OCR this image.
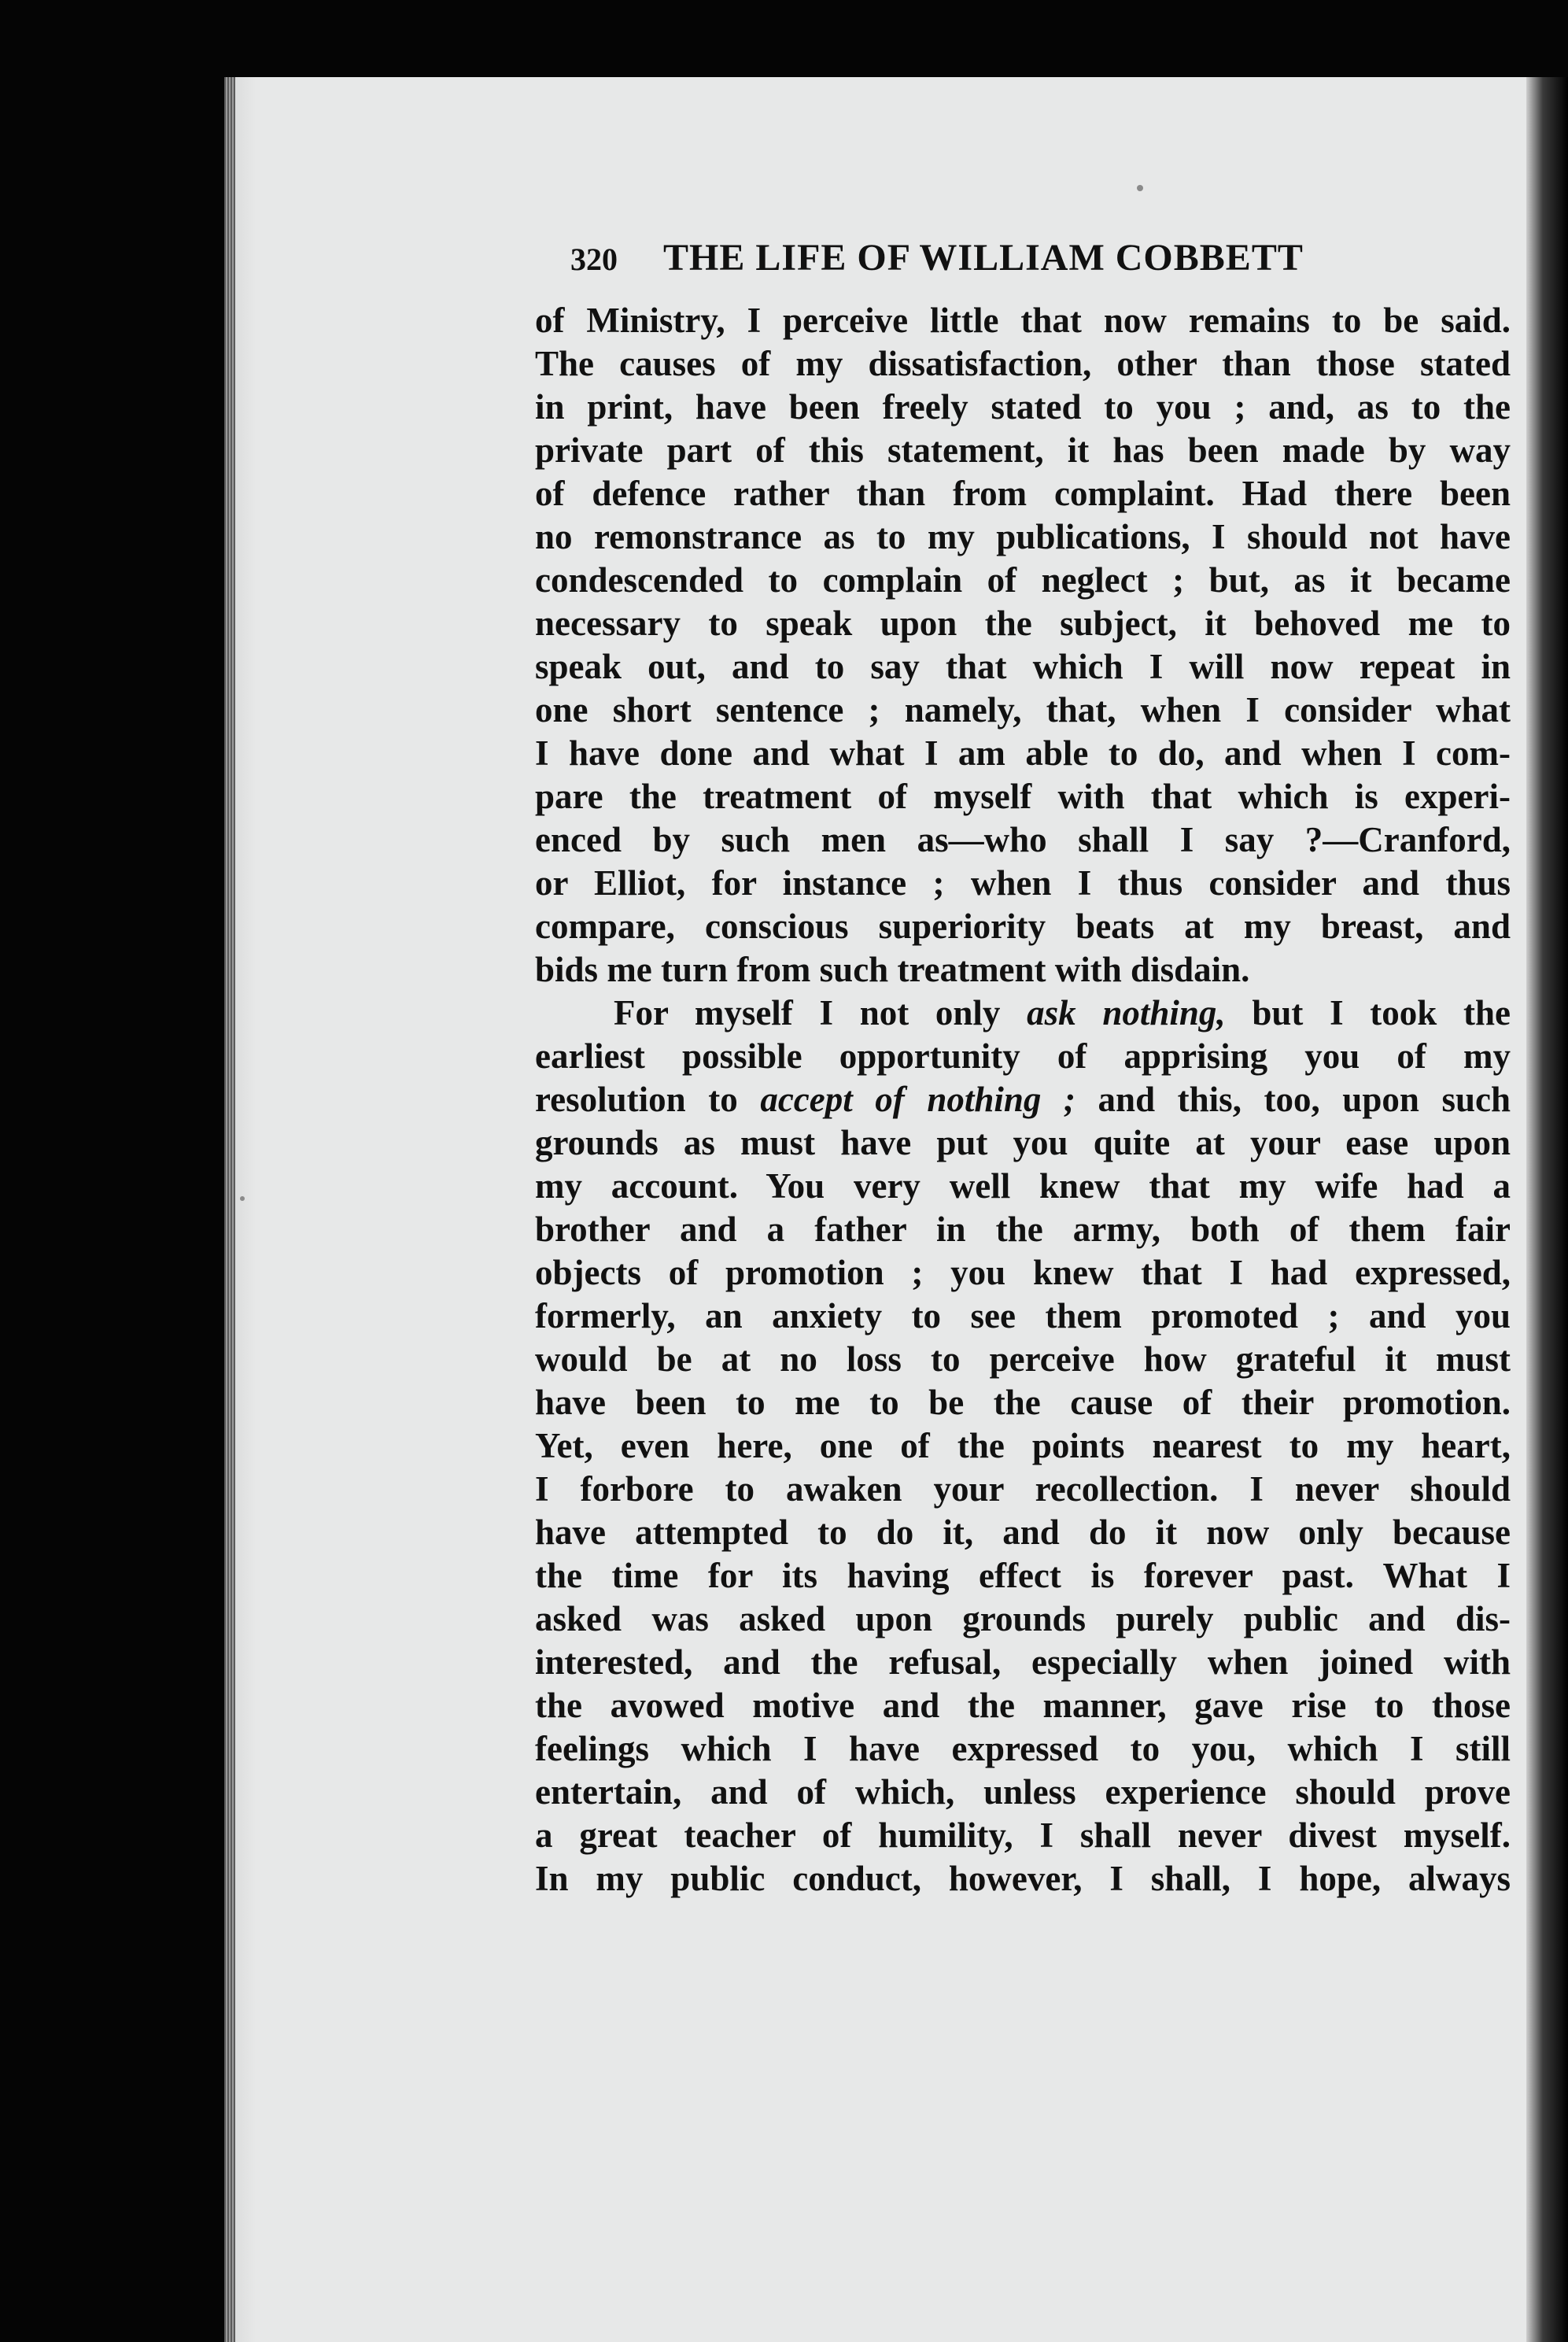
320 THE LIFE OF WILLIAM COBBETT
of Ministry, I perceive little that now remains to be said.
The causes of my dissatisfaction, other than those stated
in print, have been freely stated to you ; and, as to the
private part of this statement, it has been made by way
of defence rather than from complaint. Had there been
no remonstrance as to my publications, I should not have
condescended to complain of neglect ; but, as it became
necessary to speak upon the subject, it behoved me to
speak out, and to say that which I will now repeat in
one short sentence ; namely, that, when I consider what
I have done and what I am able to do, and when I com-
pare the treatment of myself with that which is experi-
enced by such men as—who shall I say ?—Cranford,
or Elliot, for instance ; when I thus consider and thus
compare, conscious superiority beats at my breast, and
bids me turn from such treatment with disdain.
For myself I not only ask nothing, but I took the
earliest possible opportunity of apprising you of my
resolution to accept of nothing ; and this, too, upon such
grounds as must have put you quite at your ease upon
my account. You very well knew that my wife had a
brother and a father in the army, both of them fair
objects of promotion ; you knew that I had expressed,
formerly, an anxiety to see them promoted ; and you
would be at no loss to perceive how grateful it must
have been to me to be the cause of their promotion.
Yet, even here, one of the points nearest to my heart,
I forbore to awaken your recollection. I never should
have attempted to do it, and do it now only because
the time for its having effect is forever past. What I
asked was asked upon grounds purely public and dis-
interested, and the refusal, especially when joined with
the avowed motive and the manner, gave rise to those
feelings which I have expressed to you, which I still
entertain, and of which, unless experience should prove
a great teacher of humility, I shall never divest myself.
In my public conduct, however, I shall, I hope, always
